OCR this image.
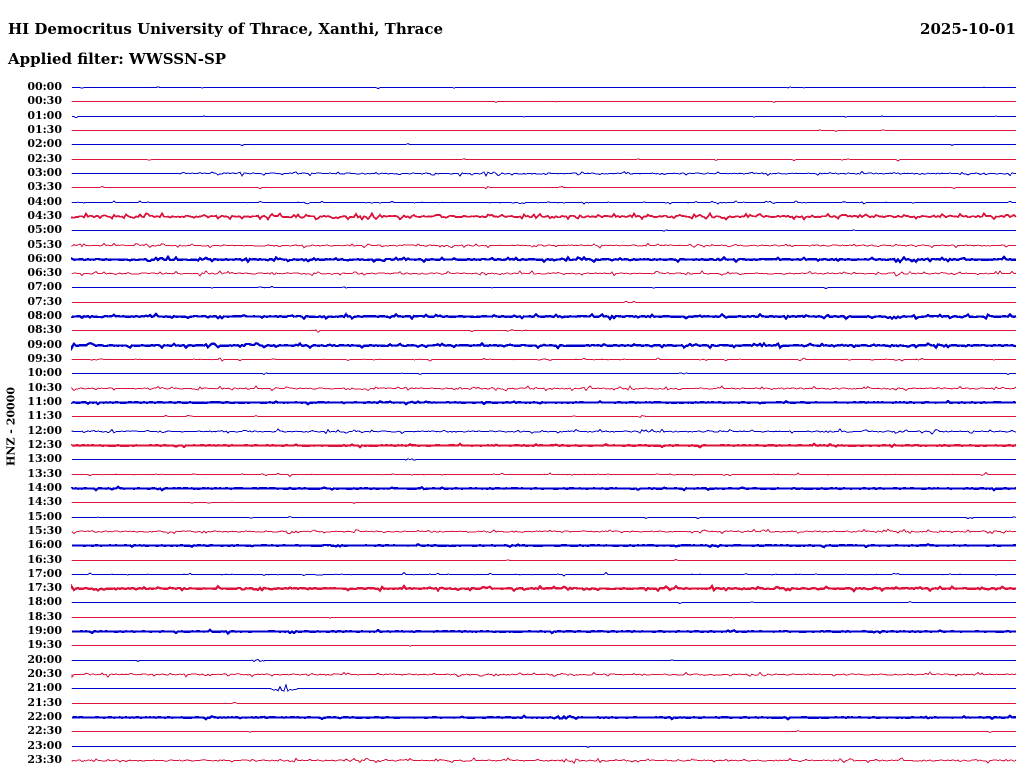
HI Democritus University of Thrace, Xanthi, Thrace	2025-10-01
Applied filter: WWSSN-SP
HNZ - 20000
00:00
00:30
01:00
01:30
02:00
02:30
03:00
03:30
04:00
04:30
05:00
05:30
06:00
06:30
07:00
07:30
08:00
08:30
09:00
09:30
10:00
10:30
11:00
11:30
12:00
12:30
13:00
13:30
14:00
14:30
15:00
15:30
16:00
16:30
17:00
17:30
18:00
18:30
19:00
19:30
20:00
20:30
21:00
21:30
22:00
22:30
23:00
23:30
